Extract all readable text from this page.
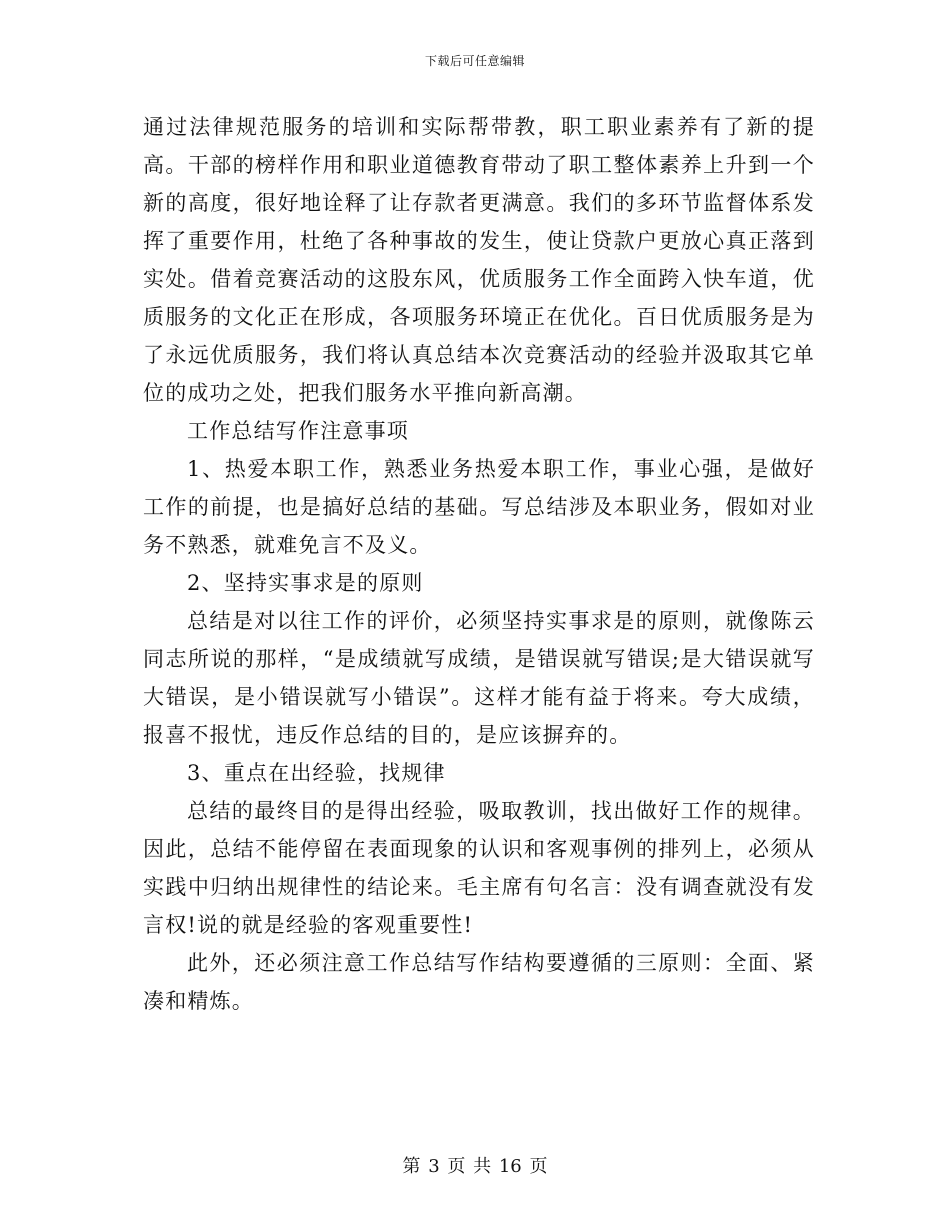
下载后可任意编辑

通过法律规范服务的培训和实际帮带教，职工职业素养有了新的提高。干部的榜样作用和职业道德教育带动了职工整体素养上升到一个新的高度，很好地诠释了让存款者更满意。我们的多环节监督体系发挥了重要作用，杜绝了各种事故的发生，使让贷款户更放心真正落到实处。借着竞赛活动的这股东风，优质服务工作全面跨入快车道，优质服务的文化正在形成，各项服务环境正在优化。百日优质服务是为了永远优质服务，我们将认真总结本次竞赛活动的经验并汲取其它单位的成功之处，把我们服务水平推向新高潮。

工作总结写作注意事项

1、热爱本职工作，熟悉业务热爱本职工作，事业心强，是做好工作的前提，也是搞好总结的基础。写总结涉及本职业务，假如对业务不熟悉，就难免言不及义。

2、坚持实事求是的原则

总结是对以往工作的评价，必须坚持实事求是的原则，就像陈云同志所说的那样，“是成绩就写成绩，是错误就写错误;是大错误就写大错误，是小错误就写小错误”。这样才能有益于将来。夸大成绩，报喜不报忧，违反作总结的目的，是应该摒弃的。

3、重点在出经验，找规律

总结的最终目的是得出经验，吸取教训，找出做好工作的规律。因此，总结不能停留在表面现象的认识和客观事例的排列上，必须从实践中归纳出规律性的结论来。毛主席有句名言：没有调查就没有发言权!说的就是经验的客观重要性!

此外，还必须注意工作总结写作结构要遵循的三原则：全面、紧凑和精炼。

第 3 页 共 16 页
